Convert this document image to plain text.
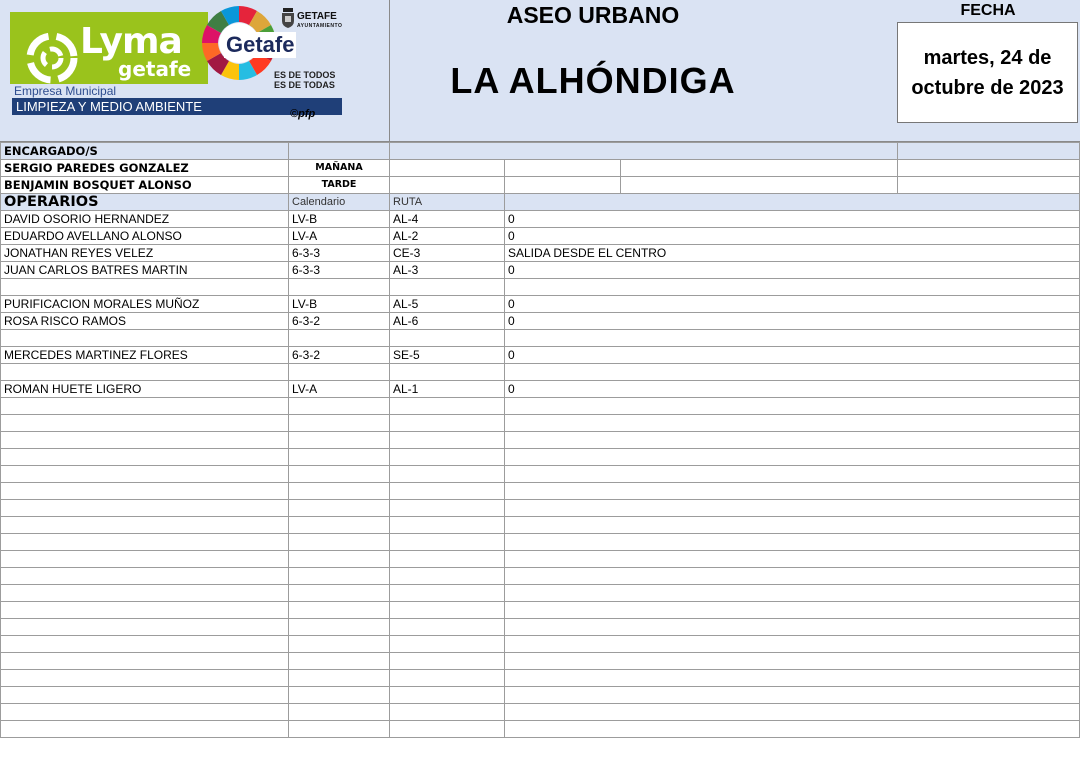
Lyma
getafe
GETAFE
AYUNTAMIENTO
Getafe
ES DE TODOS
ES DE TODAS
Empresa Municipal
LIMPIEZA Y MEDIO AMBIENTE	©pfp
ASEO URBANO
LA ALHÓNDIGA
FECHA
martes, 24 de
octubre de 2023
ENCARGADO/S					
SERGIO PAREDES GONZALEZ	MAÑANA				
BENJAMIN BOSQUET ALONSO	TARDE				
OPERARIOS	Calendario	RUTA			
DAVID OSORIO HERNANDEZ	LV-B	AL-4	0		
EDUARDO AVELLANO ALONSO	LV-A	AL-2	0		
JONATHAN REYES VELEZ	6-3-3	CE-3	SALIDA DESDE EL CENTRO		
JUAN CARLOS BATRES MARTIN	6-3-3	AL-3	0		

PURIFICACION MORALES MUÑOZ	LV-B	AL-5	0		
ROSA RISCO RAMOS	6-3-2	AL-6	0		

MERCEDES MARTINEZ FLORES	6-3-2	SE-5	0		

ROMAN HUETE LIGERO	LV-A	AL-1	0		
